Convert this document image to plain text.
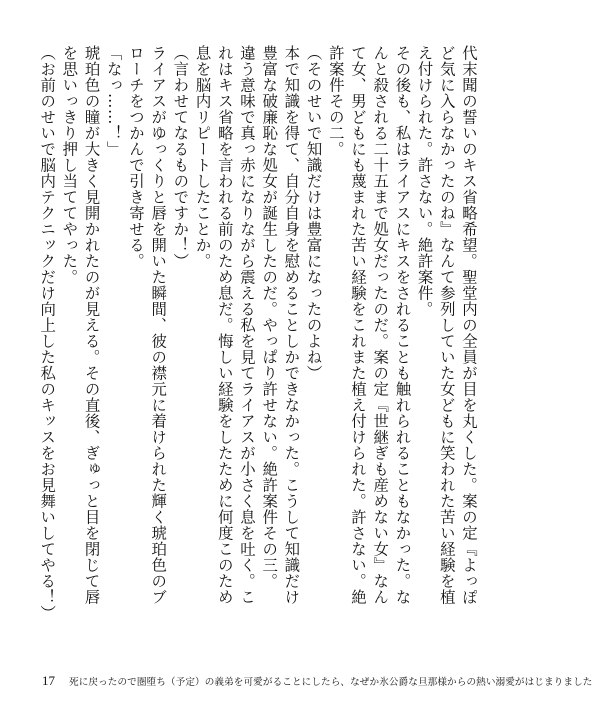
代末聞の誓いのキス省略希望。聖堂内の全員が目を丸くした。案の定『よっぽど気に入らなかったのね』なんて参列していた女どもに笑われた苦い経験を植え付けられた。許さない。絶許案件。

その後も、私はライアスにキスをされることも触れられることもなかった。なんと殺される二十五まで処女だったのだ。案の定『世継ぎも産めない女』なんて女、男どもにも蔑まれた苦い経験をこれまた植え付けられた。許さない。絶許案件その二。

（そのせいで知識だけは豊富になったのよね）

本で知識を得て、自分自身を慰めることしかできなかった。こうして知識だけ豊富な破廉恥な処女が誕生したのだ。やっぱり許せない。絶許案件その三。

違う意味で真っ赤になりながら震える私を見てライアスが小さく息を吐く。これはキス省略を言われる前のため息だ。悔しい経験をしたために何度このため息を脳内リピートしたことか。

（言わせてなるものですか！）

ライアスがゆっくりと唇を開いた瞬間、彼の襟元に着けられた輝く琥珀色のブローチをつかんで引き寄せる。

「なっ……！」

琥珀色の瞳が大きく見開かれたのが見える。その直後、ぎゅっと目を閉じて唇を思いっきり押し当ててやった。

（お前のせいで脳内テクニックだけ向上した私のキッスをお見舞いしてやる！）

17 死に戻ったので圏堕ち（予定）の義弟を可愛がることにしたら、なぜか氷公爵な旦那様からの熱い溺愛がはじまりました
